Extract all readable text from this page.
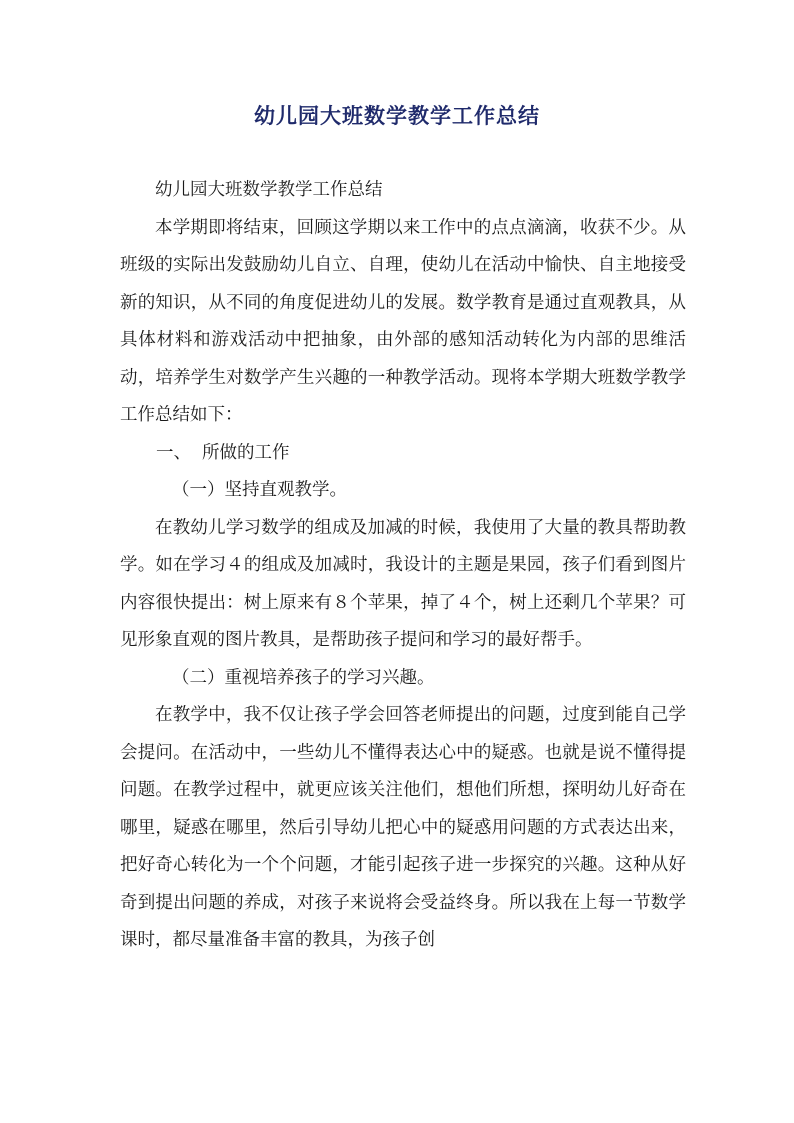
幼儿园大班数学教学工作总结

幼儿园大班数学教学工作总结

本学期即将结束，回顾这学期以来工作中的点点滴滴，收获不少。从班级的实际出发鼓励幼儿自立、自理，使幼儿在活动中愉快、自主地接受新的知识，从不同的角度促进幼儿的发展。数学教育是通过直观教具，从具体材料和游戏活动中把抽象，由外部的感知活动转化为内部的思维活动，培养学生对数学产生兴趣的一种教学活动。现将本学期大班数学教学工作总结如下：

一、 所做的工作

（一）坚持直观教学。

在教幼儿学习数学的组成及加减的时候，我使用了大量的教具帮助教学。如在学习４的组成及加减时，我设计的主题是果园，孩子们看到图片内容很快提出：树上原来有８个苹果，掉了４个，树上还剩几个苹果？可见形象直观的图片教具，是帮助孩子提问和学习的最好帮手。

（二）重视培养孩子的学习兴趣。

在教学中，我不仅让孩子学会回答老师提出的问题，过度到能自己学会提问。在活动中，一些幼儿不懂得表达心中的疑惑。也就是说不懂得提问题。在教学过程中，就更应该关注他们，想他们所想，探明幼儿好奇在哪里，疑惑在哪里，然后引导幼儿把心中的疑惑用问题的方式表达出来，把好奇心转化为一个个问题，才能引起孩子进一步探究的兴趣。这种从好奇到提出问题的养成，对孩子来说将会受益终身。所以我在上每一节数学课时，都尽量准备丰富的教具，为孩子创
